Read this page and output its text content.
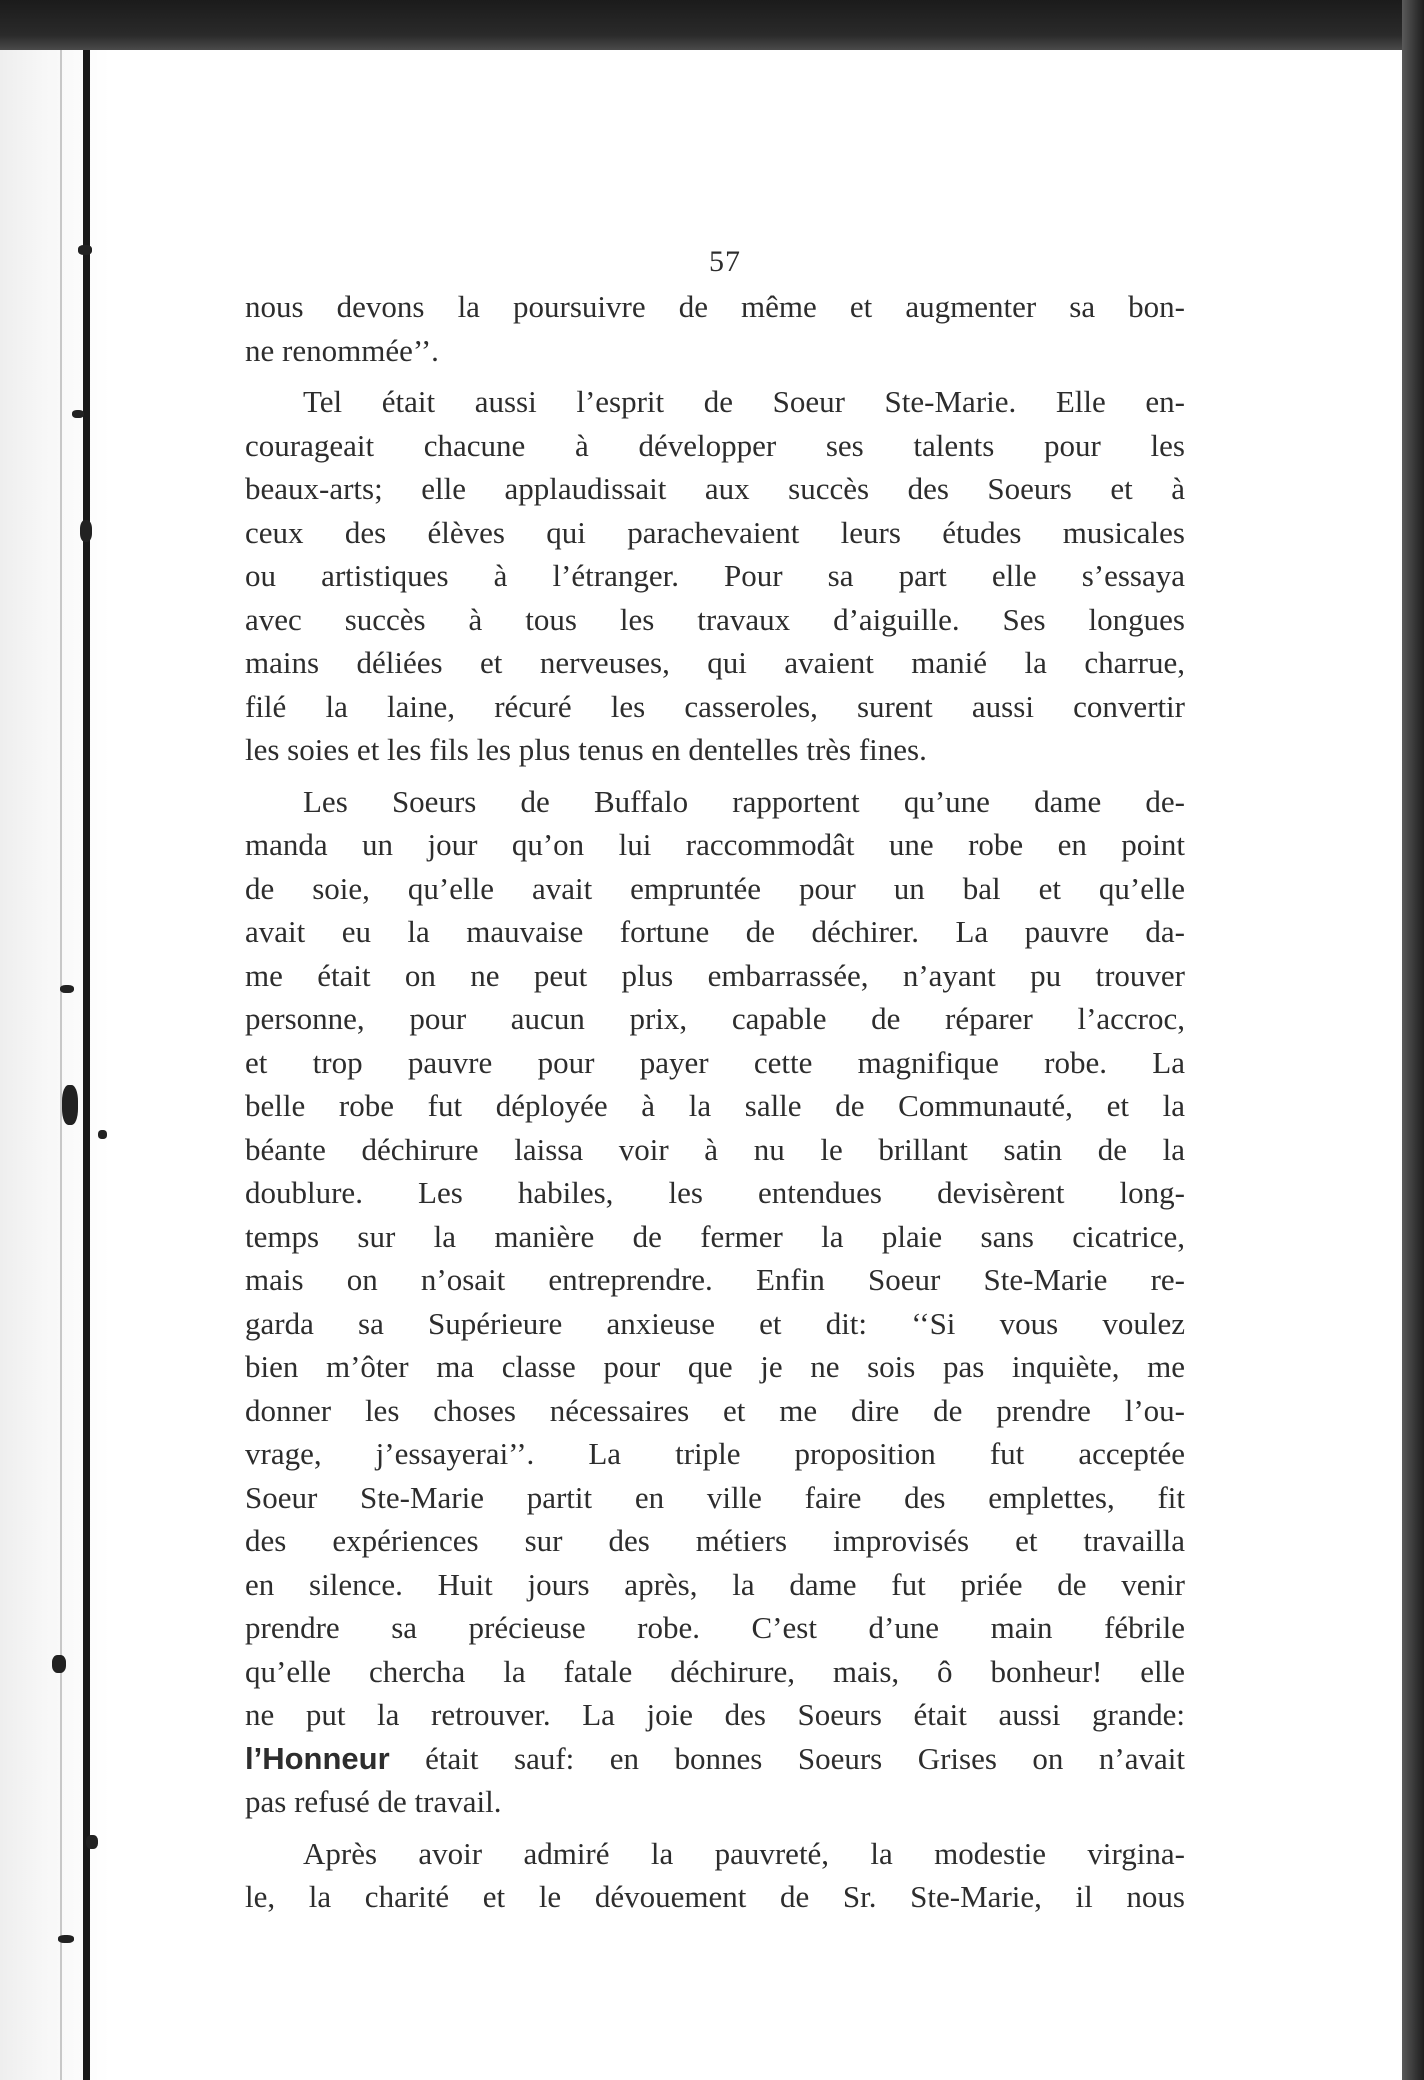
57

nous devons la poursuivre de même et augmenter sa bon-
ne renommée’’.

Tel était aussi l’esprit de Soeur Ste-Marie. Elle en-
courageait chacune à développer ses talents pour les
beaux-arts; elle applaudissait aux succès des Soeurs et à
ceux des élèves qui parachevaient leurs études musicales
ou artistiques à l’étranger. Pour sa part elle s’essaya
avec succès à tous les travaux d’aiguille. Ses longues
mains déliées et nerveuses, qui avaient manié la charrue,
filé la laine, récuré les casseroles, surent aussi convertir
les soies et les fils les plus tenus en dentelles très fines.

Les Soeurs de Buffalo rapportent qu’une dame de-
manda un jour qu’on lui raccommodât une robe en point
de soie, qu’elle avait empruntée pour un bal et qu’elle
avait eu la mauvaise fortune de déchirer. La pauvre da-
me était on ne peut plus embarrassée, n’ayant pu trouver
personne, pour aucun prix, capable de réparer l’accroc,
et trop pauvre pour payer cette magnifique robe. La
belle robe fut déployée à la salle de Communauté, et la
béante déchirure laissa voir à nu le brillant satin de la
doublure. Les habiles, les entendues devisèrent long-
temps sur la manière de fermer la plaie sans cicatrice,
mais on n’osait entreprendre. Enfin Soeur Ste-Marie re-
garda sa Supérieure anxieuse et dit: ‘‘Si vous voulez
bien m’ôter ma classe pour que je ne sois pas inquiète, me
donner les choses nécessaires et me dire de prendre l’ou-
vrage, j’essayerai’’. La triple proposition fut acceptée
Soeur Ste-Marie partit en ville faire des emplettes, fit
des expériences sur des métiers improvisés et travailla
en silence. Huit jours après, la dame fut priée de venir
prendre sa précieuse robe. C’est d’une main fébrile
qu’elle chercha la fatale déchirure, mais, ô bonheur! elle
ne put la retrouver. La joie des Soeurs était aussi grande:
l’Honneur était sauf: en bonnes Soeurs Grises on n’avait
pas refusé de travail.

Après avoir admiré la pauvreté, la modestie virgina-
le, la charité et le dévouement de Sr. Ste-Marie, il nous
